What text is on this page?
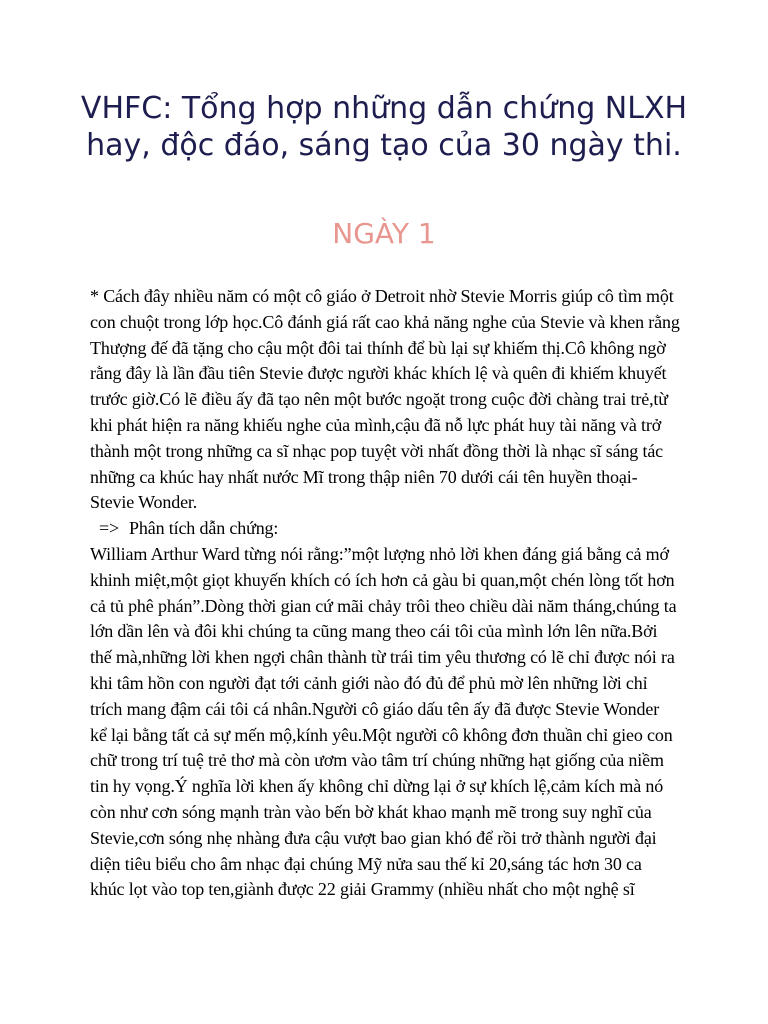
VHFC: Tổng hợp những dẫn chứng NLXH hay, độc đáo, sáng tạo của 30 ngày thi.
NGÀY 1

* Cách đây nhiều năm có một cô giáo ở Detroit nhờ Stevie Morris giúp cô tìm một con chuột trong lớp học.Cô đánh giá rất cao khả năng nghe của Stevie và khen rằng Thượng đế đã tặng cho cậu một đôi tai thính để bù lại sự khiếm thị.Cô không ngờ rằng đây là lần đầu tiên Stevie được người khác khích lệ và quên đi khiếm khuyết trước giờ.Có lẽ điều ấy đã tạo nên một bước ngoặt trong cuộc đời chàng trai trẻ,từ khi phát hiện ra năng khiếu nghe của mình,cậu đã nỗ lực phát huy tài năng và trở thành một trong những ca sĩ nhạc pop tuyệt vời nhất đồng thời là nhạc sĩ sáng tác những ca khúc hay nhất nước Mĩ trong thập niên 70 dưới cái tên huyền thoại-Stevie Wonder.

=> Phân tích dẫn chứng:

William Arthur Ward từng nói rằng:”một lượng nhỏ lời khen đáng giá bằng cả mớ khinh miệt,một giọt khuyến khích có ích hơn cả gàu bi quan,một chén lòng tốt hơn cả tủ phê phán”.Dòng thời gian cứ mãi chảy trôi theo chiều dài năm tháng,chúng ta lớn dần lên và đôi khi chúng ta cũng mang theo cái tôi của mình lớn lên nữa.Bởi thế mà,những lời khen ngợi chân thành từ trái tim yêu thương có lẽ chỉ được nói ra khi tâm hồn con người đạt tới cảnh giới nào đó đủ để phủ mờ lên những lời chỉ trích mang đậm cái tôi cá nhân.Người cô giáo dấu tên ấy đã được Stevie Wonder kể lại bằng tất cả sự mến mộ,kính yêu.Một người cô không đơn thuần chỉ gieo con chữ trong trí tuệ trẻ thơ mà còn ươm vào tâm trí chúng những hạt giống của niềm tin hy vọng.Ý nghĩa lời khen ấy không chỉ dừng lại ở sự khích lệ,cảm kích mà nó còn như cơn sóng mạnh tràn vào bến bờ khát khao mạnh mẽ trong suy nghĩ của Stevie,cơn sóng nhẹ nhàng đưa cậu vượt bao gian khó để rồi trở thành người đại diện tiêu biểu cho âm nhạc đại chúng Mỹ nửa sau thế kỉ 20,sáng tác hơn 30 ca khúc lọt vào top ten,giành được 22 giải Grammy (nhiều nhất cho một nghệ sĩ
